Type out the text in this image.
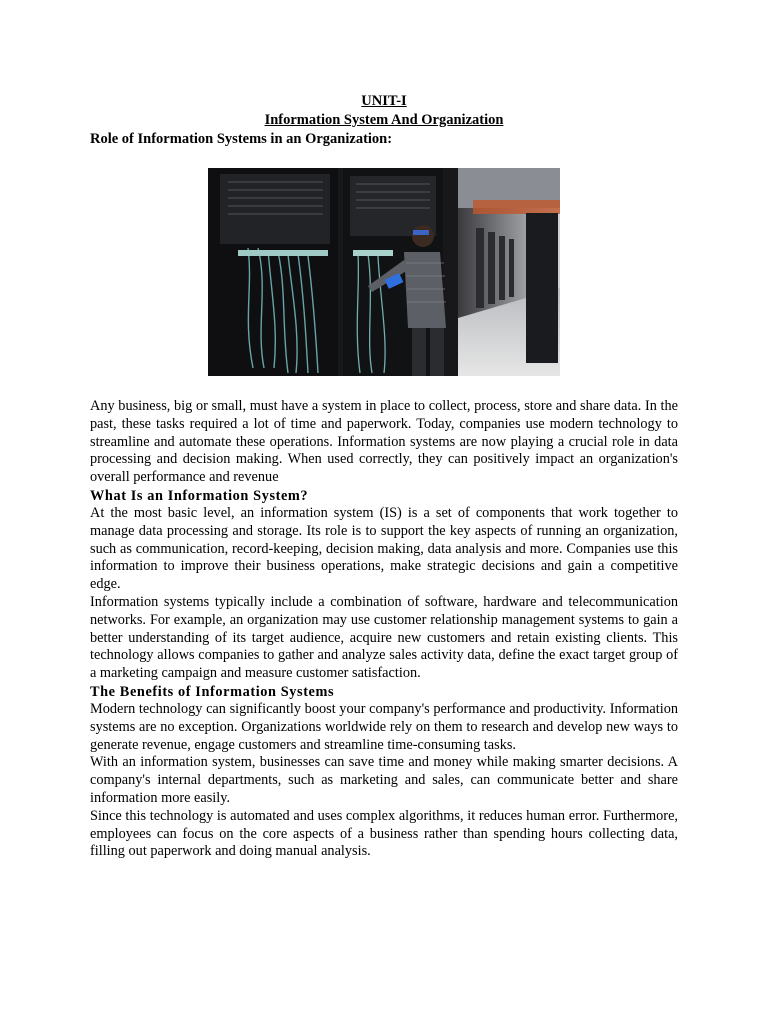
UNIT-I
Information System And Organization
Role of Information Systems in an Organization:

Any business, big or small, must have a system in place to collect, process, store and share data. In the past, these tasks required a lot of time and paperwork. Today, companies use modern technology to streamline and automate these operations. Information systems are now playing a crucial role in data processing and decision making. When used correctly, they can positively impact an organization's overall performance and revenue

What Is an Information System?

At the most basic level, an information system (IS) is a set of components that work together to manage data processing and storage. Its role is to support the key aspects of running an organization, such as communication, record-keeping, decision making, data analysis and more. Companies use this information to improve their business operations, make strategic decisions and gain a competitive edge.

Information systems typically include a combination of software, hardware and telecommunication networks. For example, an organization may use customer relationship management systems to gain a better understanding of its target audience, acquire new customers and retain existing clients. This technology allows companies to gather and analyze sales activity data, define the exact target group of a marketing campaign and measure customer satisfaction.

The Benefits of Information Systems

Modern technology can significantly boost your company's performance and productivity. Information systems are no exception. Organizations worldwide rely on them to research and develop new ways to generate revenue, engage customers and streamline time-consuming tasks.

With an information system, businesses can save time and money while making smarter decisions. A company's internal departments, such as marketing and sales, can communicate better and share information more easily.

Since this technology is automated and uses complex algorithms, it reduces human error. Furthermore, employees can focus on the core aspects of a business rather than spending hours collecting data, filling out paperwork and doing manual analysis.
